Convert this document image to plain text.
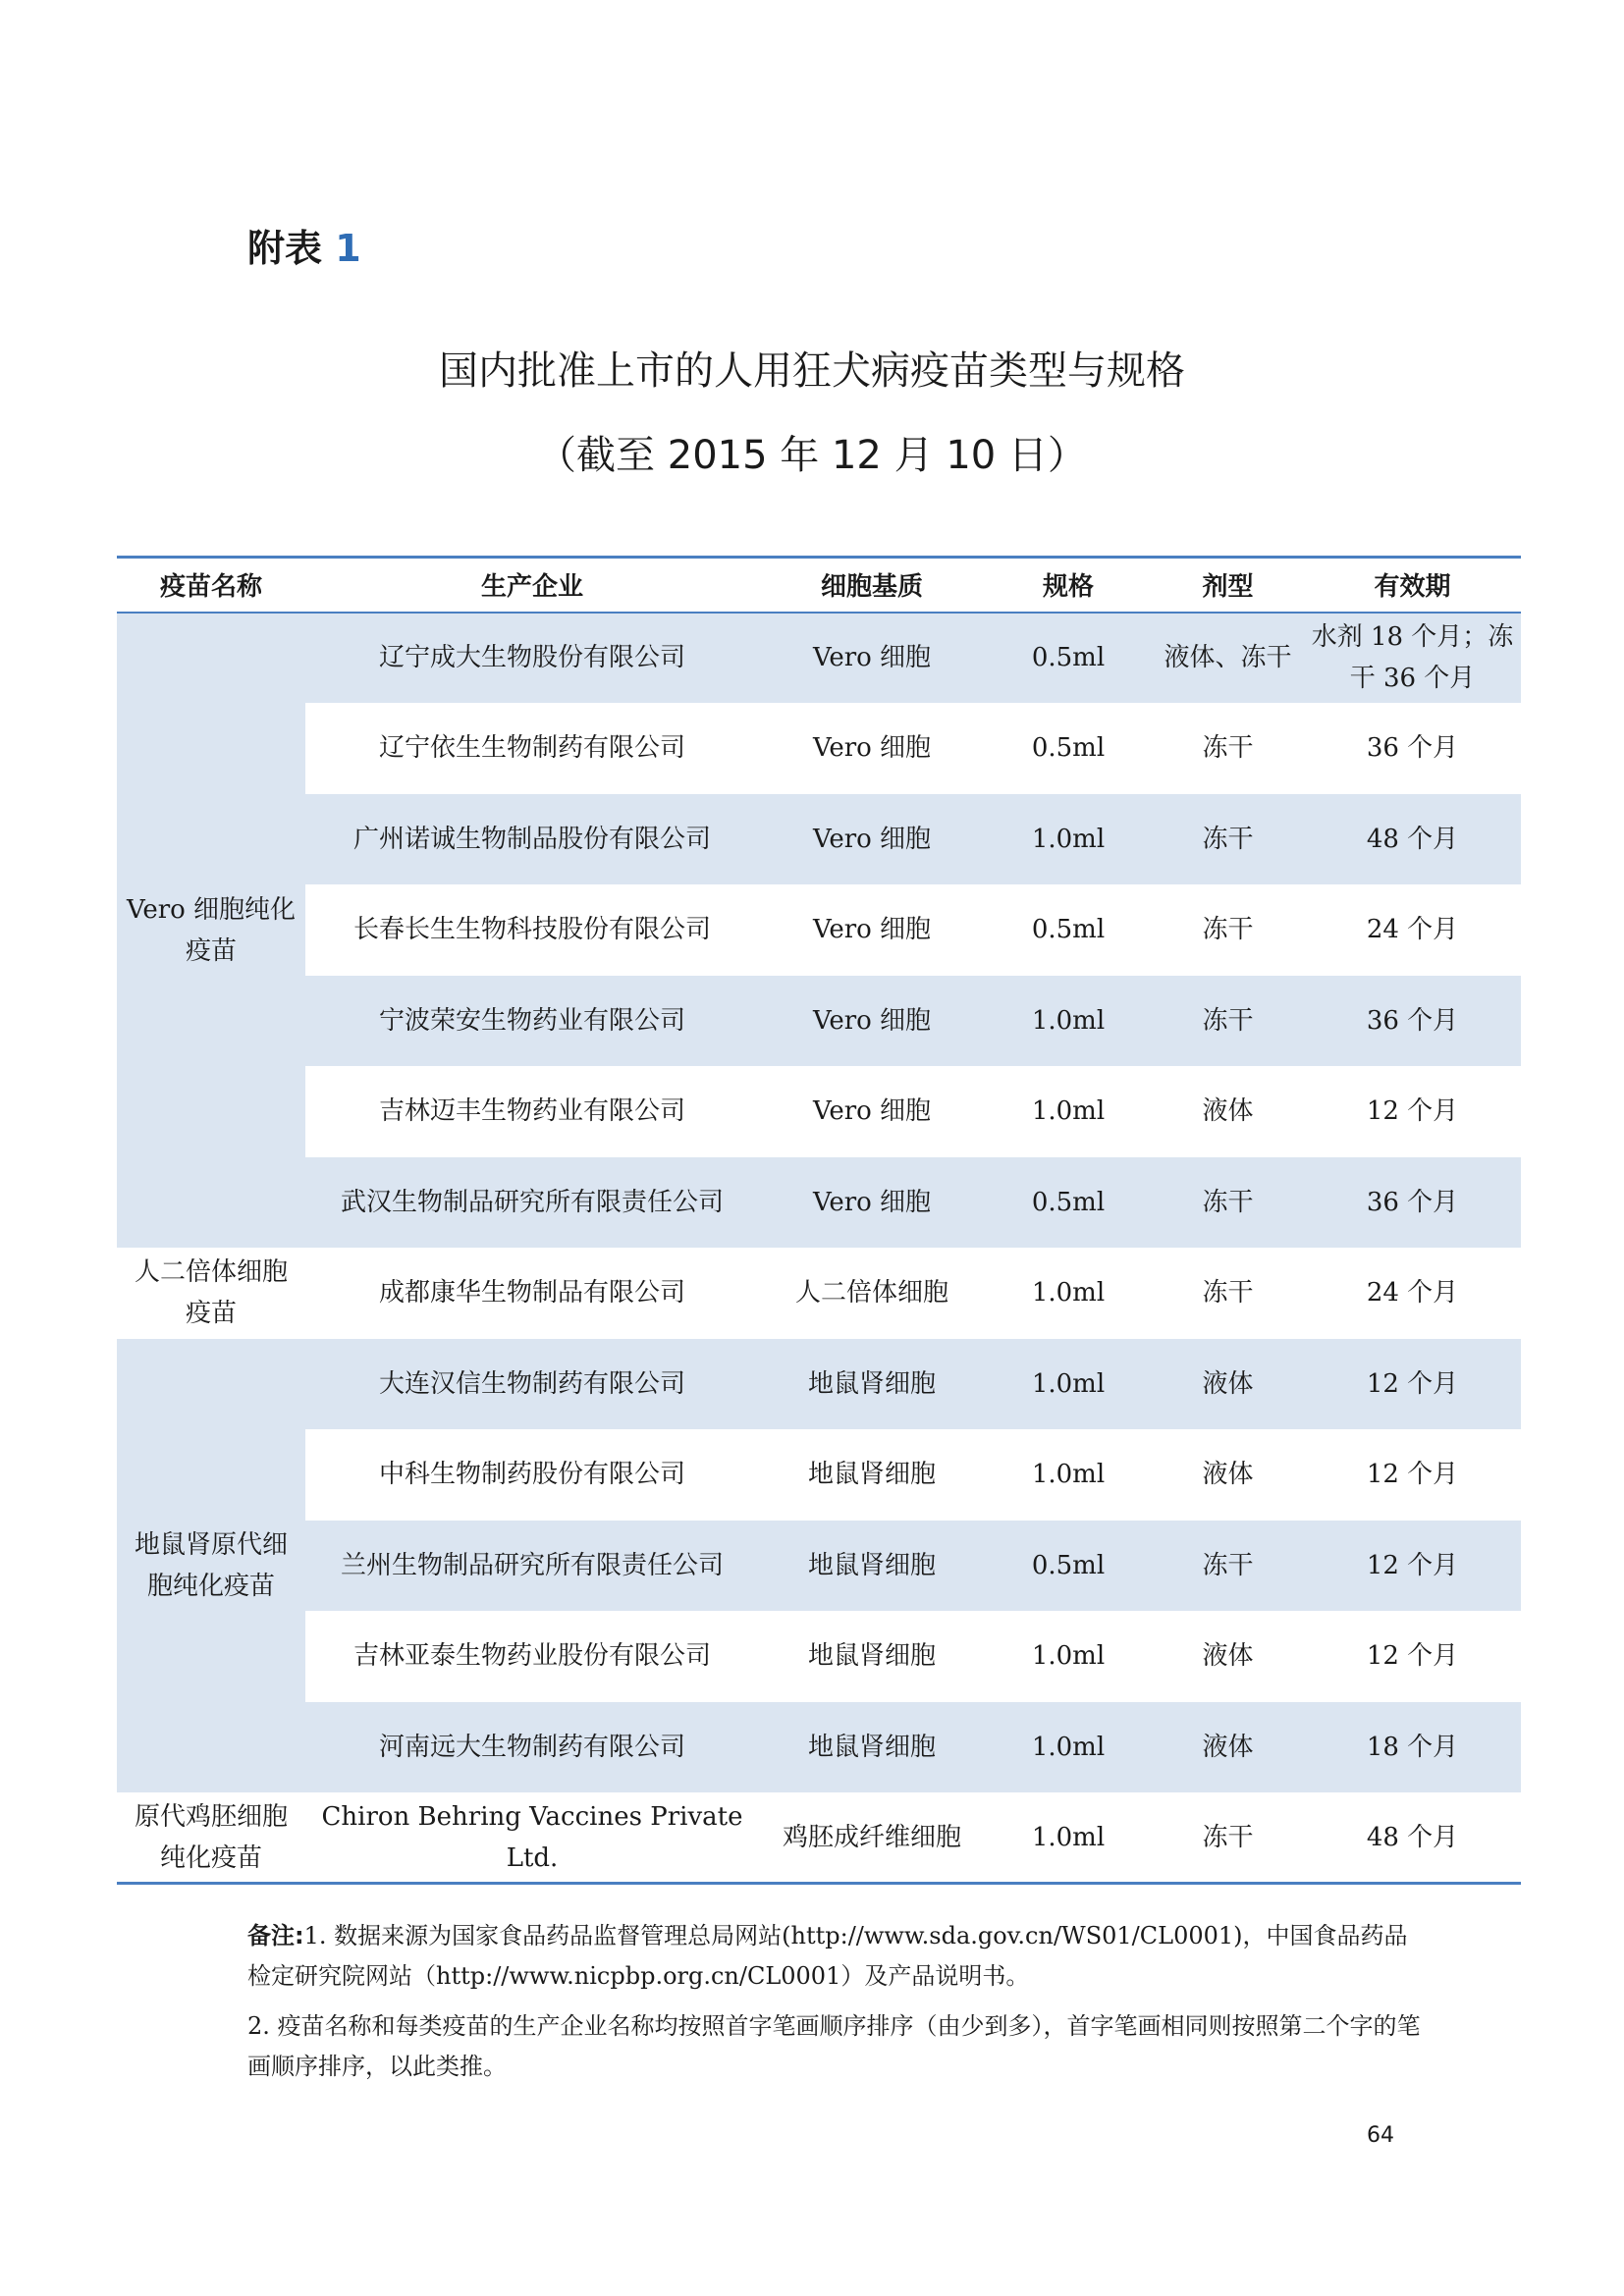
附表 1
国内批准上市的人用狂犬病疫苗类型与规格
（截至 2015 年 12 月 10 日）
疫苗名称	生产企业	细胞基质	规格	剂型	有效期
Vero 细胞纯化疫苗	辽宁成大生物股份有限公司	Vero 细胞	0.5ml	液体、冻干	水剂 18 个月；冻干 36 个月
	辽宁依生生物制药有限公司	Vero 细胞	0.5ml	冻干	36 个月
	广州诺诚生物制品股份有限公司	Vero 细胞	1.0ml	冻干	48 个月
	长春长生生物科技股份有限公司	Vero 细胞	0.5ml	冻干	24 个月
	宁波荣安生物药业有限公司	Vero 细胞	1.0ml	冻干	36 个月
	吉林迈丰生物药业有限公司	Vero 细胞	1.0ml	液体	12 个月
	武汉生物制品研究所有限责任公司	Vero 细胞	0.5ml	冻干	36 个月
人二倍体细胞疫苗	成都康华生物制品有限公司	人二倍体细胞	1.0ml	冻干	24 个月
地鼠肾原代细胞纯化疫苗	大连汉信生物制药有限公司	地鼠肾细胞	1.0ml	液体	12 个月
	中科生物制药股份有限公司	地鼠肾细胞	1.0ml	液体	12 个月
	兰州生物制品研究所有限责任公司	地鼠肾细胞	0.5ml	冻干	12 个月
	吉林亚泰生物药业股份有限公司	地鼠肾细胞	1.0ml	液体	12 个月
	河南远大生物制药有限公司	地鼠肾细胞	1.0ml	液体	18 个月
原代鸡胚细胞纯化疫苗	Chiron Behring Vaccines Private Ltd.	鸡胚成纤维细胞	1.0ml	冻干	48 个月

备注:1. 数据来源为国家食品药品监督管理总局网站(http://www.sda.gov.cn/WS01/CL0001)，中国食品药品检定研究院网站（http://www.nicpbp.org.cn/CL0001）及产品说明书。

2. 疫苗名称和每类疫苗的生产企业名称均按照首字笔画顺序排序（由少到多），首字笔画相同则按照第二个字的笔画顺序排序，以此类推。

64
